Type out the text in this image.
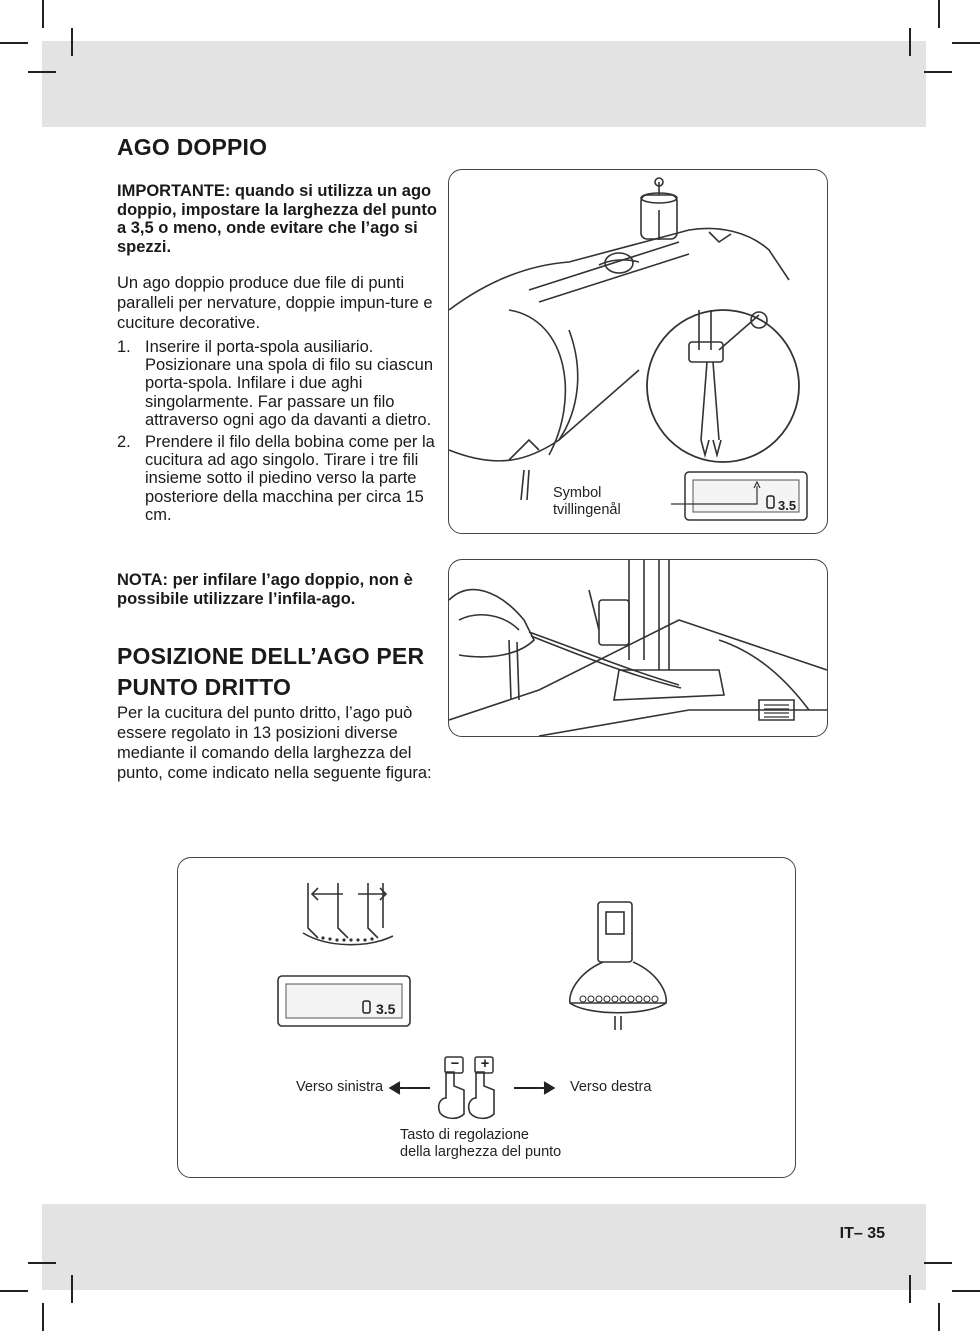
AGO DOPPIO

IMPORTANTE: quando si utilizza un ago doppio, impostare la larghezza del punto a 3,5 o meno, onde evitare che l’ago si spezzi.

Un ago doppio produce due file di punti paralleli per nervature, doppie impun-ture e cuciture decorative.

1. Inserire il porta-spola ausiliario. Posizionare una spola di filo su ciascun porta-spola. Infilare i due aghi singolarmente. Far passare un filo attraverso ogni ago da davanti a dietro.
2. Prendere il filo della bobina come per la cucitura ad ago singolo. Tirare i tre fili insieme sotto il piedino verso la parte posteriore della macchina per circa 15 cm.

NOTA: per infilare l’ago doppio, non è possibile utilizzare l’infila-ago.

POSIZIONE DELL’AGO PER
PUNTO DRITTO

Per la cucitura del punto dritto, l’ago può essere regolato in 13 posizioni diverse mediante il comando della larghezza del punto, come indicato nella seguente figura:

3.5
Symbol
tvillingenål
3.5
− +
Verso sinistra	Verso destra
Tasto di regolazione
della larghezza del punto
IT– 35
